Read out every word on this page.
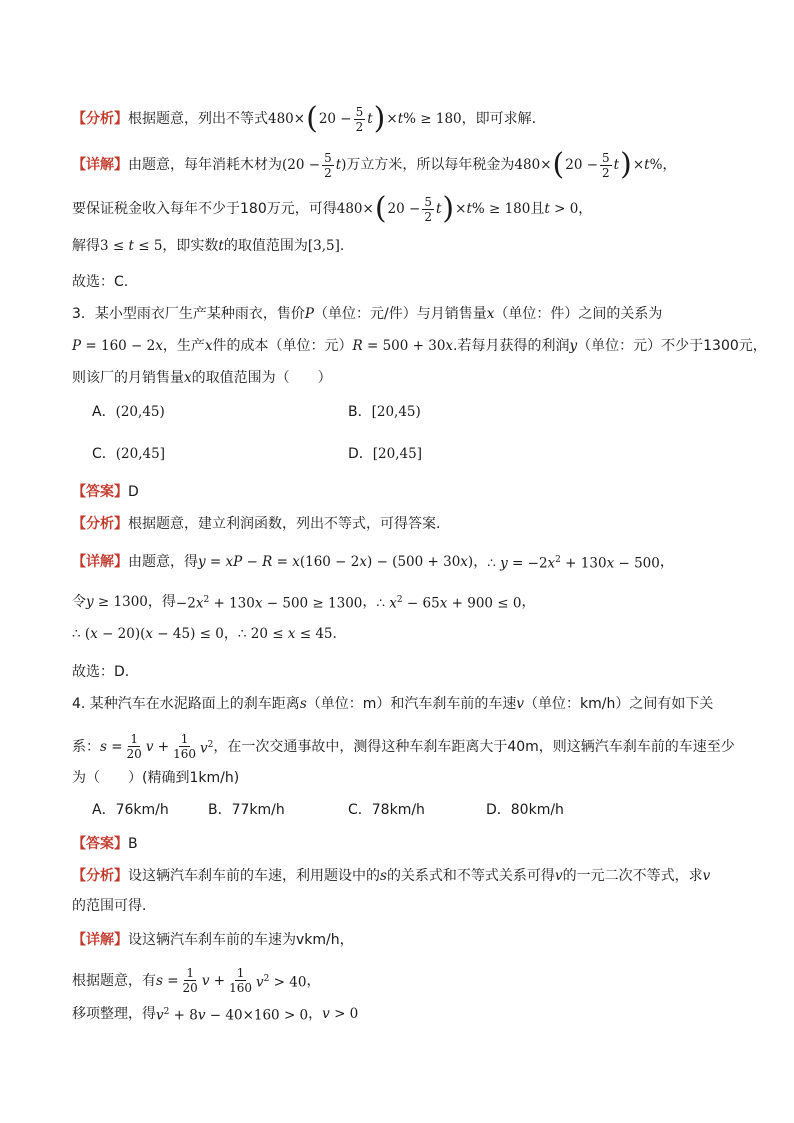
【分析】 根据题意，列出不等式 480× ( $20 - \frac{5}{2}$ t ) ×t% ≥ 180 ，即可求解.
【详解】 由题意，每年消耗木材为 $(20 - \frac{5}{2} t)$ 万立方米，所以每年税金为 480× ( $20 - \frac{5}{2}$ t ) ×t% ，
要保证税金收入每年不少于180万元，可得 480× ( $20 - \frac{5}{2}$ t ) ×t% ≥ 180 且 t > 0 ，
解得 3 ≤ t ≤ 5 ，即实数 t 的取值范围为 [3,5] .
故选：C.
3．某小型雨衣厂生产某种雨衣，售价 P （单位：元/件）与月销售量 x （单位：件）之间的关系为
P = 160 − 2x ，生产 x 件的成本（单位：元） R = 500 + 30x .若每月获得的利润 y （单位：元）不少于1300元，
则该厂的月销售量 x 的取值范围为（　　）
A．(20,45)	B．[20,45)
C．(20,45]	D．[20,45]
【答案】 D
【分析】 根据题意，建立利润函数，列出不等式，可得答案.
【详解】 由题意，得 y = xP − R = x(160 − 2x) − (500 + 30x) ， ∴ $y = -2x^2 + 130x - 500$ ，
令 y ≥ 1300 ，得 $-2x^2 + 130x - 500 \ge 1300$ ， ∴ $x^2 - 65x + 900 \le 0$ ，
∴ (x − 20)(x − 45) ≤ 0 ， ∴ 20 ≤ x ≤ 45.
故选：D.
4. 某种汽车在水泥路面上的刹车距离 s （单位：m）和汽车刹车前的车速 v （单位：km/h）之间有如下关
系： $s = \frac{1}{20}$ $v + \frac{1}{160} v^2$ ，在一次交通事故中，测得这种车刹车距离大于40m，则这辆汽车刹车前的车速至少
为（　　）(精确到1km/h)
A．76km/h	B．77km/h	C．78km/h	D．80km/h
【答案】 B
【分析】 设这辆汽车刹车前的车速，利用题设中的 s 的关系式和不等式关系可得 v 的一元二次不等式，求 v
的范围可得．
【详解】 设这辆汽车刹车前的车速为vkm/h，
根据题意，有 $s = \frac{1}{20}$ $v + \frac{1}{160} v^2 > 40$ ，
移项整理，得 $v^2 + 8v - 40\times 160 > 0$ ， v > 0
